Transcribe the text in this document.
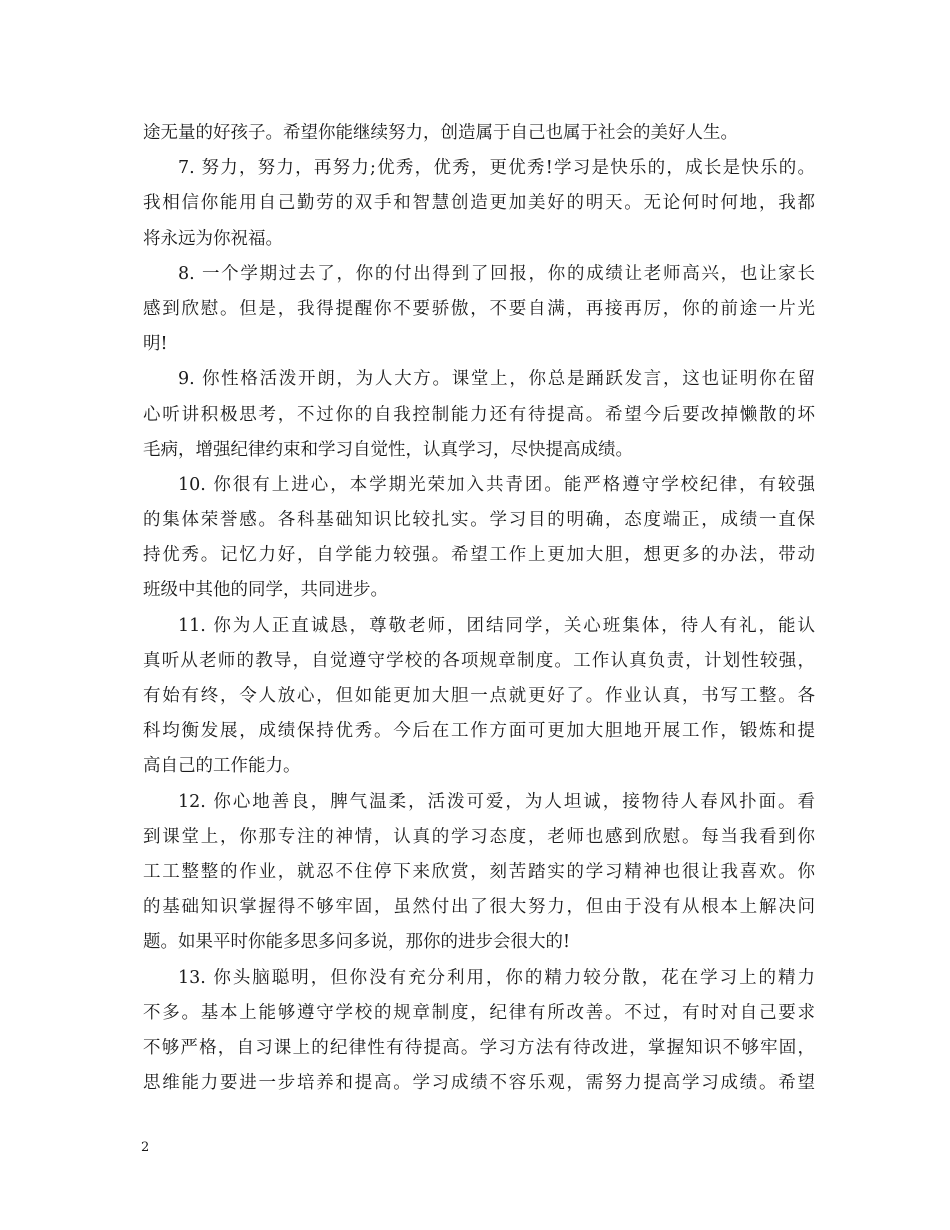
途无量的好孩子。希望你能继续努力，创造属于自己也属于社会的美好人生。
7. 努力，努力，再努力;优秀，优秀，更优秀!学习是快乐的，成长是快乐的。
我相信你能用自己勤劳的双手和智慧创造更加美好的明天。无论何时何地，我都
将永远为你祝福。
8. 一个学期过去了，你的付出得到了回报，你的成绩让老师高兴，也让家长
感到欣慰。但是，我得提醒你不要骄傲，不要自满，再接再厉，你的前途一片光
明!
9. 你性格活泼开朗，为人大方。课堂上，你总是踊跃发言，这也证明你在留
心听讲积极思考，不过你的自我控制能力还有待提高。希望今后要改掉懒散的坏
毛病，增强纪律约束和学习自觉性，认真学习，尽快提高成绩。
10. 你很有上进心，本学期光荣加入共青团。能严格遵守学校纪律，有较强
的集体荣誉感。各科基础知识比较扎实。学习目的明确，态度端正，成绩一直保
持优秀。记忆力好，自学能力较强。希望工作上更加大胆，想更多的办法，带动
班级中其他的同学，共同进步。
11. 你为人正直诚恳，尊敬老师，团结同学，关心班集体，待人有礼，能认
真听从老师的教导，自觉遵守学校的各项规章制度。工作认真负责，计划性较强，
有始有终，令人放心，但如能更加大胆一点就更好了。作业认真，书写工整。各
科均衡发展，成绩保持优秀。今后在工作方面可更加大胆地开展工作，锻炼和提
高自己的工作能力。
12. 你心地善良，脾气温柔，活泼可爱，为人坦诚，接物待人春风扑面。看
到课堂上，你那专注的神情，认真的学习态度，老师也感到欣慰。每当我看到你
工工整整的作业，就忍不住停下来欣赏，刻苦踏实的学习精神也很让我喜欢。你
的基础知识掌握得不够牢固，虽然付出了很大努力，但由于没有从根本上解决问
题。如果平时你能多思多问多说，那你的进步会很大的!
13. 你头脑聪明，但你没有充分利用，你的精力较分散，花在学习上的精力
不多。基本上能够遵守学校的规章制度，纪律有所改善。不过，有时对自己要求
不够严格，自习课上的纪律性有待提高。学习方法有待改进，掌握知识不够牢固，
思维能力要进一步培养和提高。学习成绩不容乐观，需努力提高学习成绩。希望
2
